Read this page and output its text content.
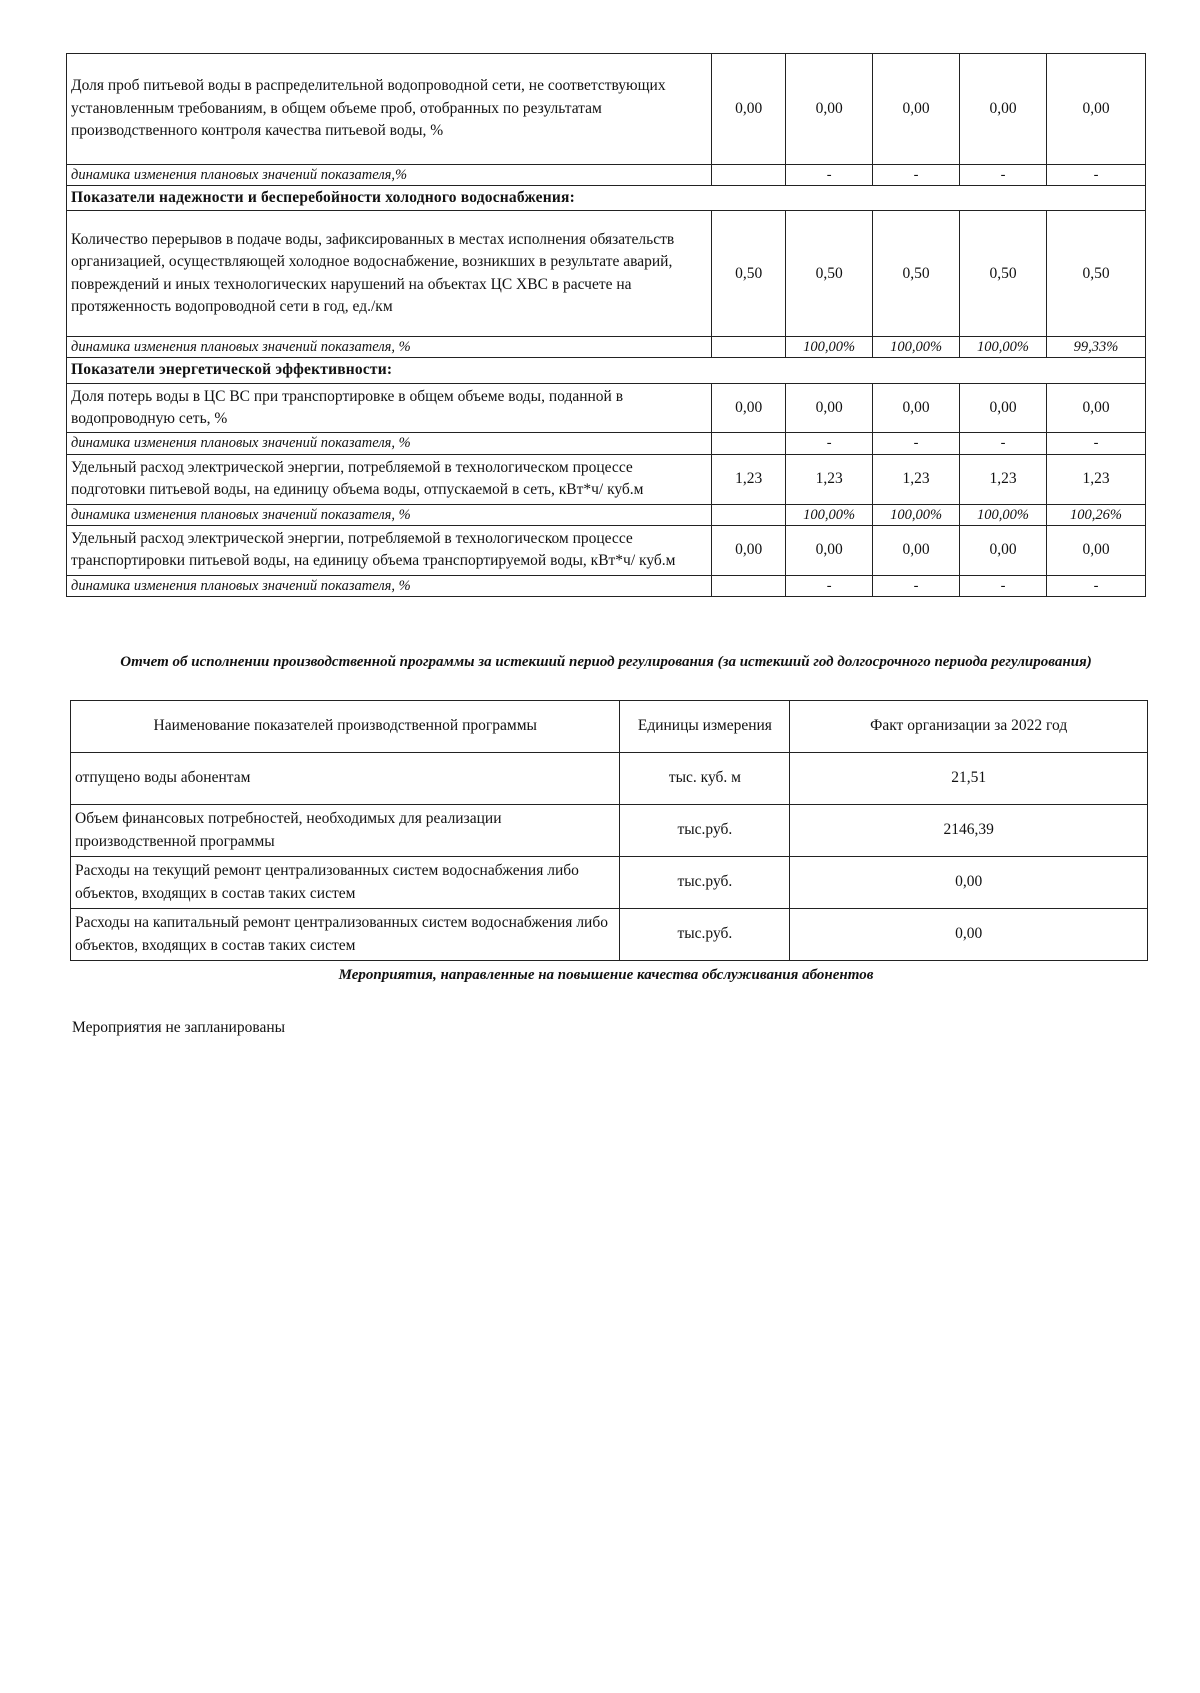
Доля проб питьевой воды в распределительной водопроводной сети, не соответствующих установленным требованиям, в общем объеме проб, отобранных по результатам производственного контроля качества питьевой воды, %	0,00	0,00	0,00	0,00	0,00
динамика изменения плановых значений показателя,%		-	-	-	-
Показатели надежности и бесперебойности холодного водоснабжения:					
Количество перерывов в подаче воды, зафиксированных в местах исполнения обязательств организацией, осуществляющей холодное водоснабжение, возникших в результате аварий, повреждений и иных технологических нарушений на объектах ЦС ХВС в расчете на протяженность водопроводной сети в год, ед./км	0,50	0,50	0,50	0,50	0,50
динамика изменения плановых значений показателя, %		100,00%	100,00%	100,00%	99,33%
Показатели энергетической эффективности:					
Доля потерь воды в ЦС ВС при транспортировке в общем объеме воды, поданной в водопроводную сеть, %	0,00	0,00	0,00	0,00	0,00
динамика изменения плановых значений показателя, %		-	-	-	-
Удельный расход электрической энергии, потребляемой в технологическом процессе подготовки питьевой воды, на единицу объема воды, отпускаемой в сеть, кВт*ч/ куб.м	1,23	1,23	1,23	1,23	1,23
динамика изменения плановых значений показателя, %		100,00%	100,00%	100,00%	100,26%
Удельный расход электрической энергии, потребляемой в технологическом процессе транспортировки питьевой воды, на единицу объема транспортируемой воды, кВт*ч/ куб.м	0,00	0,00	0,00	0,00	0,00
динамика изменения плановых значений показателя, %		-	-	-	-
Отчет об исполнении производственной программы за истекший период регулирования (за истекший год долгосрочного периода регулирования)
Наименование показателей производственной программы	Единицы измерения	Факт организации за 2022 год
отпущено воды абонентам	тыс. куб. м	21,51
Объем финансовых потребностей, необходимых для реализации производственной программы	тыс.руб.	2146,39
Расходы на текущий ремонт централизованных систем водоснабжения либо объектов, входящих в состав таких систем	тыс.руб.	0,00
Расходы на капитальный ремонт централизованных систем водоснабжения либо объектов, входящих в состав таких систем	тыс.руб.	0,00
Мероприятия, направленные на повышение качества обслуживания абонентов
Мероприятия не запланированы
